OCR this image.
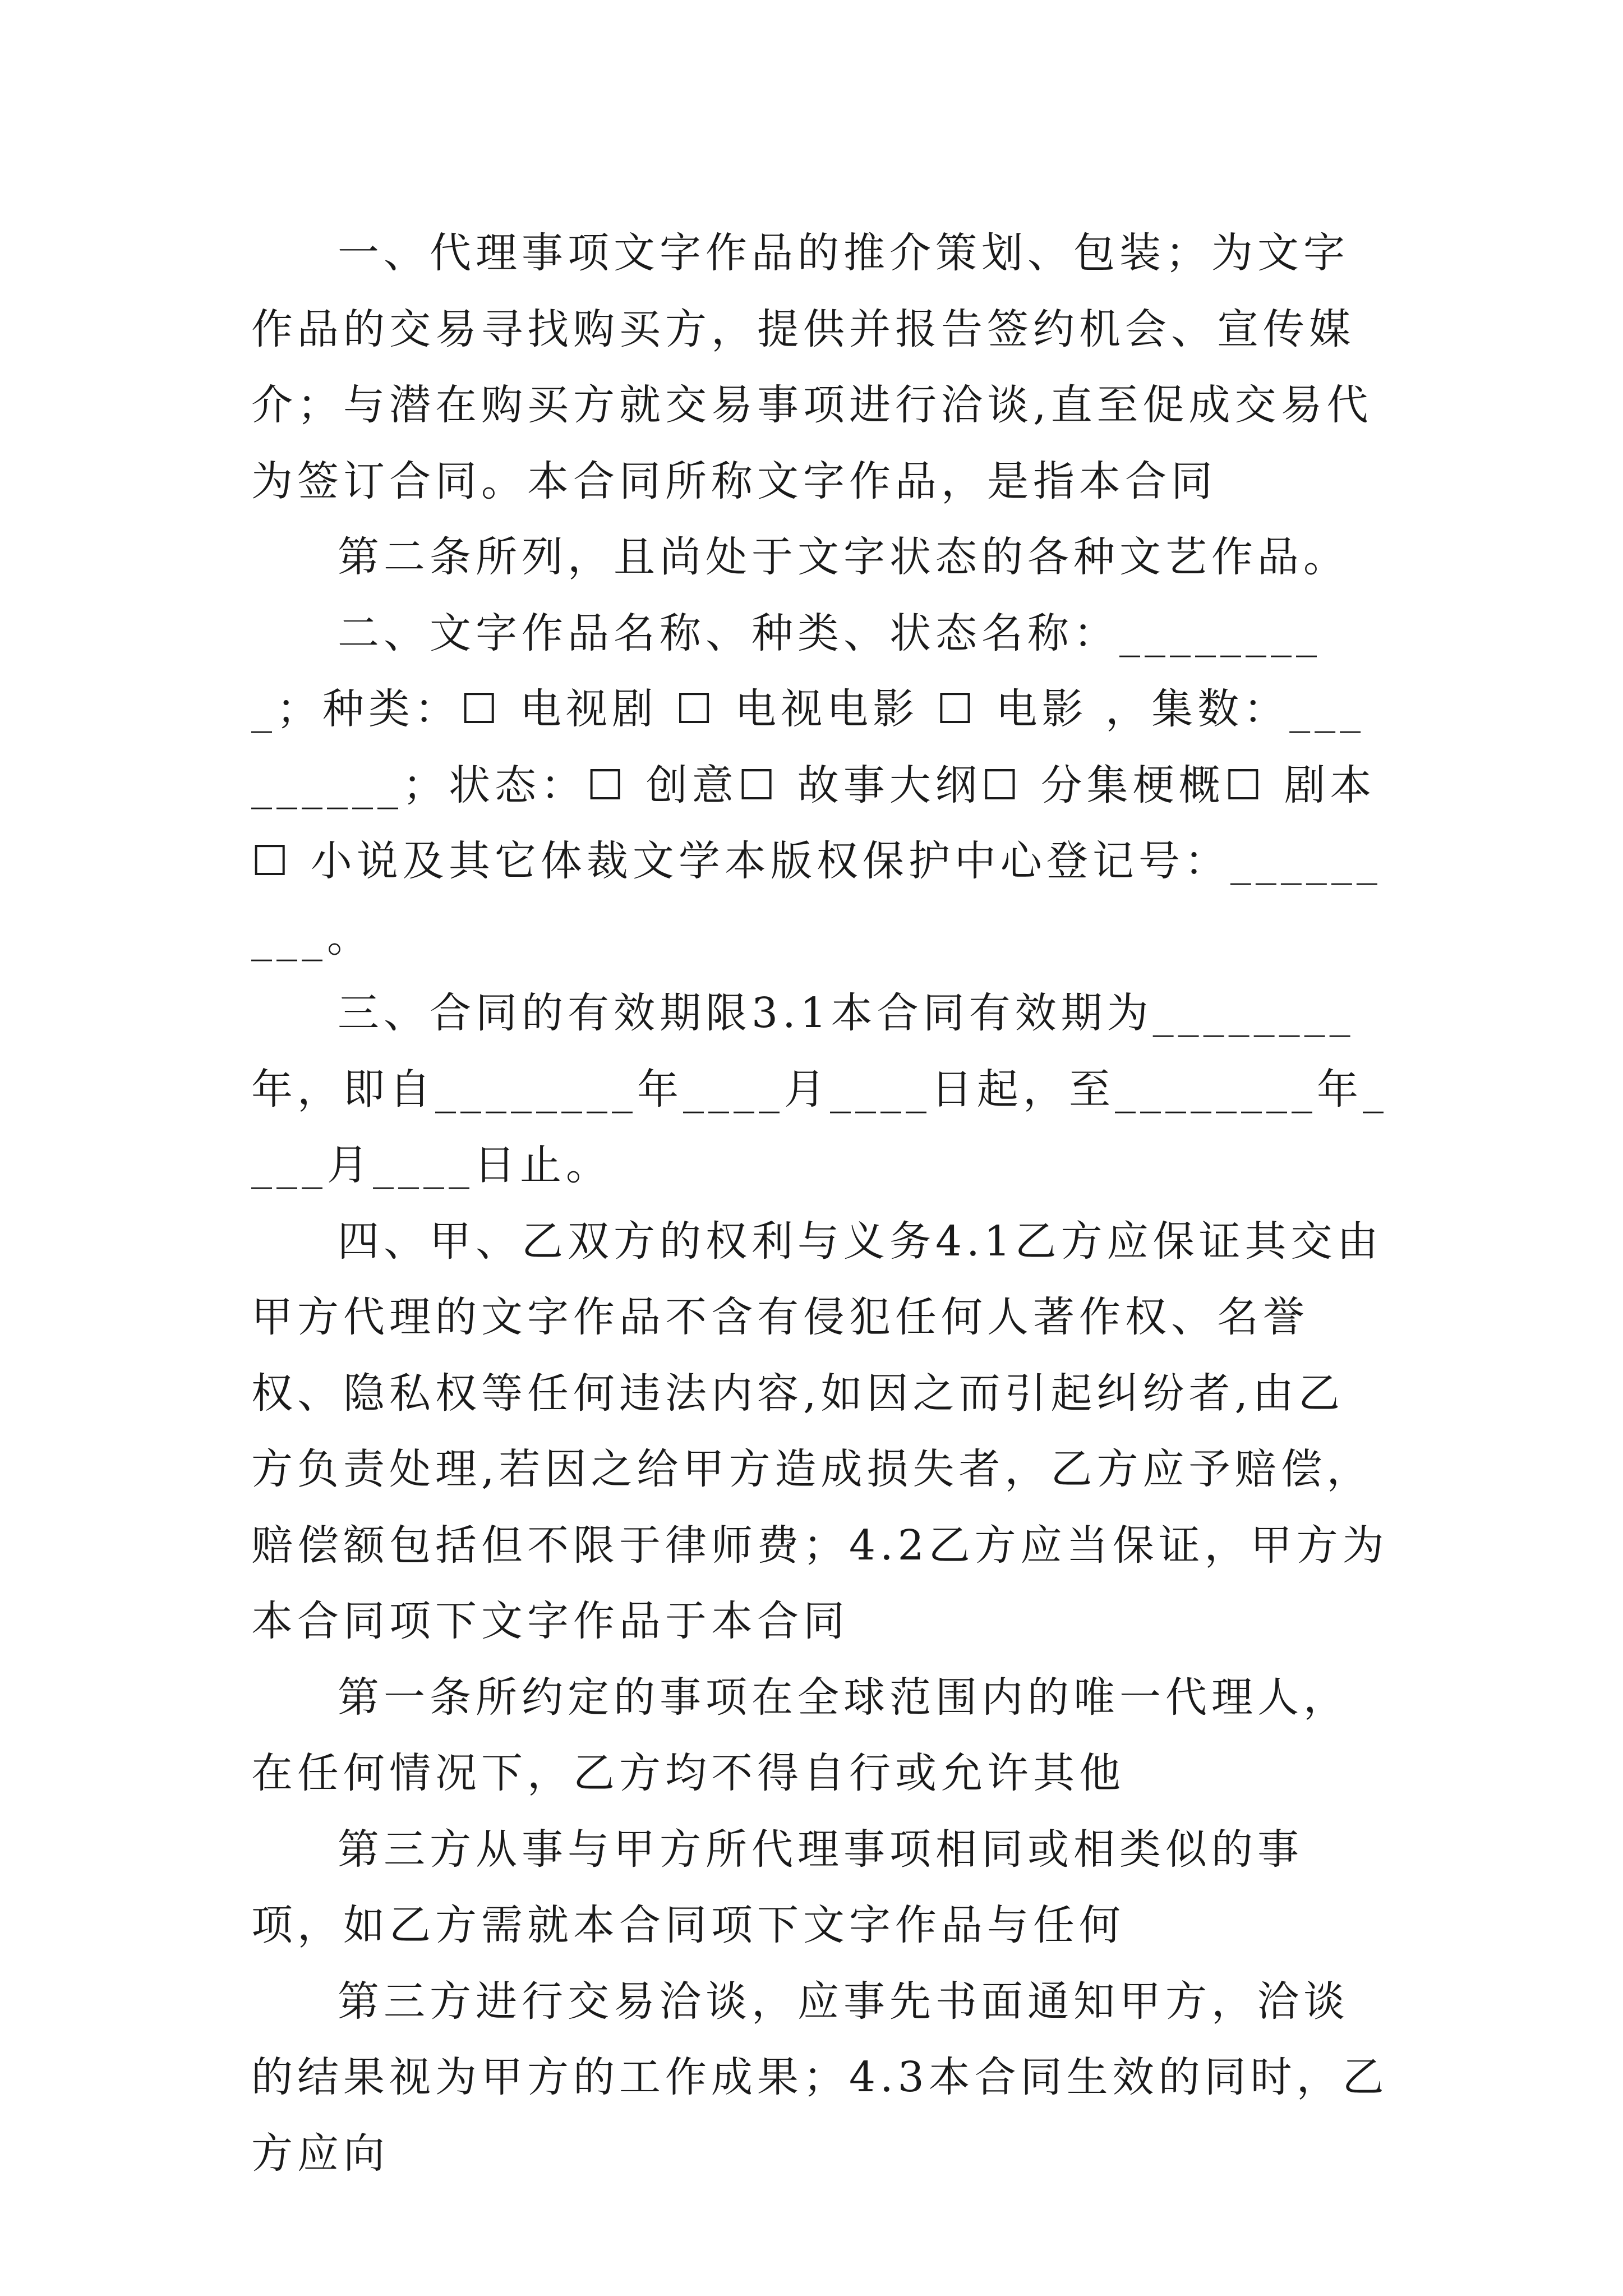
一、代理事项文字作品的推介策划、包装；为文字作品的交易寻找购买方，提供并报告签约机会、宣传媒介；与潜在购买方就交易事项进行洽谈,直至促成交易代为签订合同。本合同所称文字作品，是指本合同

第二条所列，且尚处于文字状态的各种文艺作品。

二、文字作品名称、种类、状态名称：_________；种类：☐ 电视剧 ☐ 电视电影 ☐ 电影 ，集数：_________；状态：☐ 创意☐ 故事大纲☐ 分集梗概☐ 剧本☐ 小说及其它体裁文学本版权保护中心登记号：_________。

三、合同的有效期限3.1本合同有效期为________年，即自________年____月____日起，至________年____月____日止。

四、甲、乙双方的权利与义务4.1乙方应保证其交由甲方代理的文字作品不含有侵犯任何人著作权、名誉权、隐私权等任何违法内容,如因之而引起纠纷者,由乙方负责处理,若因之给甲方造成损失者，乙方应予赔偿，赔偿额包括但不限于律师费；4.2乙方应当保证，甲方为本合同项下文字作品于本合同

第一条所约定的事项在全球范围内的唯一代理人，在任何情况下，乙方均不得自行或允许其他

第三方从事与甲方所代理事项相同或相类似的事项，如乙方需就本合同项下文字作品与任何

第三方进行交易洽谈，应事先书面通知甲方，洽谈的结果视为甲方的工作成果；4.3本合同生效的同时，乙方应向
